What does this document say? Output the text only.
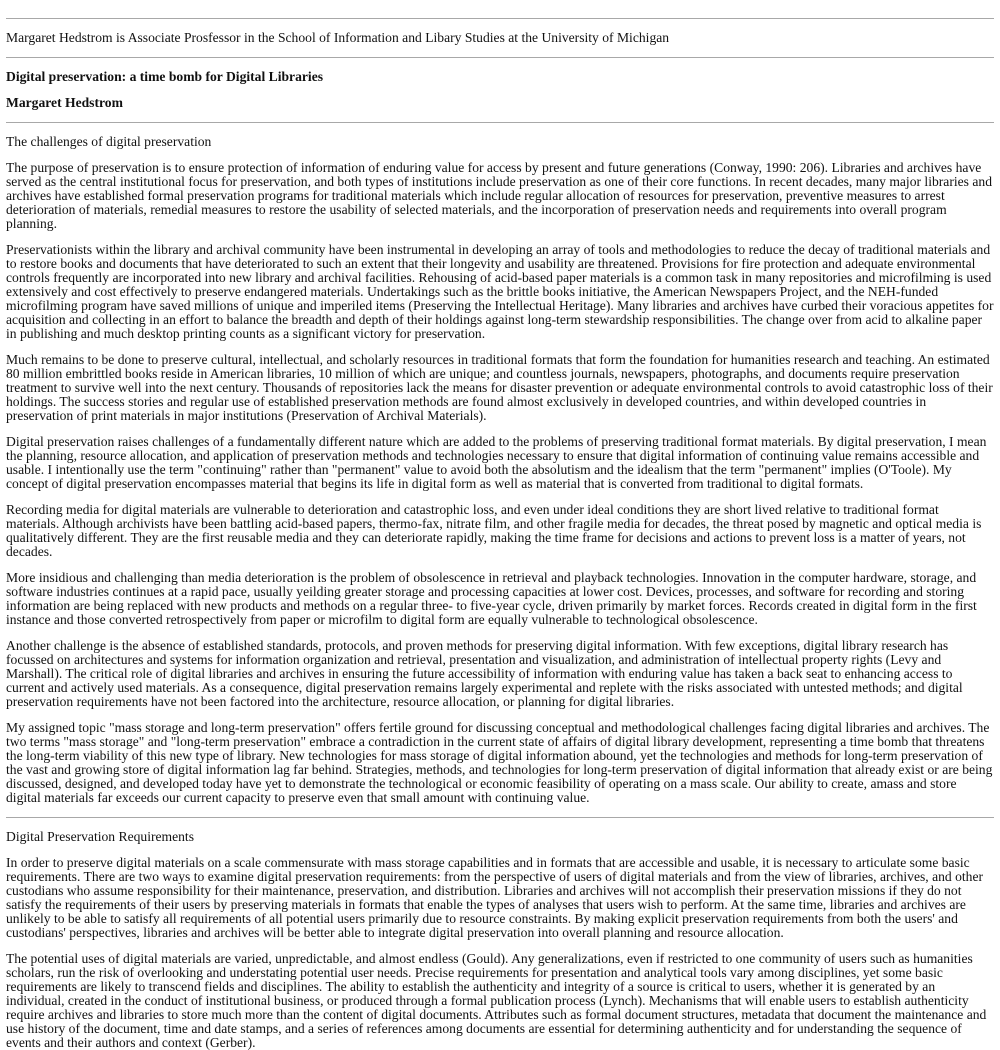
Margaret Hedstrom is Associate Prosfessor in the School of Information and Libary Studies at the University of Michigan

Digital preservation: a time bomb for Digital Libraries

Margaret Hedstrom

The challenges of digital preservation

The purpose of preservation is to ensure protection of information of enduring value for access by present and future generations (Conway, 1990: 206). Libraries and archives have served as the central institutional focus for preservation, and both types of institutions include preservation as one of their core functions. In recent decades, many major libraries and archives have established formal preservation programs for traditional materials which include regular allocation of resources for preservation, preventive measures to arrest deterioration of materials, remedial measures to restore the usability of selected materials, and the incorporation of preservation needs and requirements into overall program planning.

Preservationists within the library and archival community have been instrumental in developing an array of tools and methodologies to reduce the decay of traditional materials and to restore books and documents that have deteriorated to such an extent that their longevity and usability are threatened. Provisions for fire protection and adequate environmental controls frequently are incorporated into new library and archival facilities. Rehousing of acid-based paper materials is a common task in many repositories and microfilming is used extensively and cost effectively to preserve endangered materials. Undertakings such as the brittle books initiative, the American Newspapers Project, and the NEH-funded microfilming program have saved millions of unique and imperiled items (Preserving the Intellectual Heritage). Many libraries and archives have curbed their voracious appetites for acquisition and collecting in an effort to balance the breadth and depth of their holdings against long-term stewardship responsibilities. The change over from acid to alkaline paper in publishing and much desktop printing counts as a significant victory for preservation.

Much remains to be done to preserve cultural, intellectual, and scholarly resources in traditional formats that form the foundation for humanities research and teaching. An estimated 80 million embrittled books reside in American libraries, 10 million of which are unique; and countless journals, newspapers, photographs, and documents require preservation treatment to survive well into the next century. Thousands of repositories lack the means for disaster prevention or adequate environmental controls to avoid catastrophic loss of their holdings. The success stories and regular use of established preservation methods are found almost exclusively in developed countries, and within developed countries in preservation of print materials in major institutions (Preservation of Archival Materials).

Digital preservation raises challenges of a fundamentally different nature which are added to the problems of preserving traditional format materials. By digital preservation, I mean the planning, resource allocation, and application of preservation methods and technologies necessary to ensure that digital information of continuing value remains accessible and usable. I intentionally use the term "continuing" rather than "permanent" value to avoid both the absolutism and the idealism that the term "permanent" implies (O'Toole). My concept of digital preservation encompasses material that begins its life in digital form as well as material that is converted from traditional to digital formats.

Recording media for digital materials are vulnerable to deterioration and catastrophic loss, and even under ideal conditions they are short lived relative to traditional format materials. Although archivists have been battling acid-based papers, thermo-fax, nitrate film, and other fragile media for decades, the threat posed by magnetic and optical media is qualitatively different. They are the first reusable media and they can deteriorate rapidly, making the time frame for decisions and actions to prevent loss is a matter of years, not decades.

More insidious and challenging than media deterioration is the problem of obsolescence in retrieval and playback technologies. Innovation in the computer hardware, storage, and software industries continues at a rapid pace, usually yeilding greater storage and processing capacities at lower cost. Devices, processes, and software for recording and storing information are being replaced with new products and methods on a regular three- to five-year cycle, driven primarily by market forces. Records created in digital form in the first instance and those converted retrospectively from paper or microfilm to digital form are equally vulnerable to technological obsolescence.

Another challenge is the absence of established standards, protocols, and proven methods for preserving digital information. With few exceptions, digital library research has focussed on architectures and systems for information organization and retrieval, presentation and visualization, and administration of intellectual property rights (Levy and Marshall). The critical role of digital libraries and archives in ensuring the future accessibility of information with enduring value has taken a back seat to enhancing access to current and actively used materials. As a consequence, digital preservation remains largely experimental and replete with the risks associated with untested methods; and digital preservation requirements have not been factored into the architecture, resource allocation, or planning for digital libraries.

My assigned topic "mass storage and long-term preservation" offers fertile ground for discussing conceptual and methodological challenges facing digital libraries and archives. The two terms "mass storage" and "long-term preservation" embrace a contradiction in the current state of affairs of digital library development, representing a time bomb that threatens the long-term viability of this new type of library. New technologies for mass storage of digital information abound, yet the technologies and methods for long-term preservation of the vast and growing store of digital information lag far behind. Strategies, methods, and technologies for long-term preservation of digital information that already exist or are being discussed, designed, and developed today have yet to demonstrate the technological or economic feasibility of operating on a mass scale. Our ability to create, amass and store digital materials far exceeds our current capacity to preserve even that small amount with continuing value.

Digital Preservation Requirements

In order to preserve digital materials on a scale commensurate with mass storage capabilities and in formats that are accessible and usable, it is necessary to articulate some basic requirements. There are two ways to examine digital preservation requirements: from the perspective of users of digital materials and from the view of libraries, archives, and other custodians who assume responsibility for their maintenance, preservation, and distribution. Libraries and archives will not accomplish their preservation missions if they do not satisfy the requirements of their users by preserving materials in formats that enable the types of analyses that users wish to perform. At the same time, libraries and archives are unlikely to be able to satisfy all requirements of all potential users primarily due to resource constraints. By making explicit preservation requirements from both the users' and custodians' perspectives, libraries and archives will be better able to integrate digital preservation into overall planning and resource allocation.

The potential uses of digital materials are varied, unpredictable, and almost endless (Gould). Any generalizations, even if restricted to one community of users such as humanities scholars, run the risk of overlooking and understating potential user needs. Precise requirements for presentation and analytical tools vary among disciplines, yet some basic requirements are likely to transcend fields and disciplines. The ability to establish the authenticity and integrity of a source is critical to users, whether it is generated by an individual, created in the conduct of institutional business, or produced through a formal publication process (Lynch). Mechanisms that will enable users to establish authenticity require archives and libraries to store much more than the content of digital documents. Attributes such as formal document structures, metadata that document the maintenance and use history of the document, time and date stamps, and a series of references among documents are essential for determining authenticity and for understanding the sequence of events and their authors and context (Gerber).
